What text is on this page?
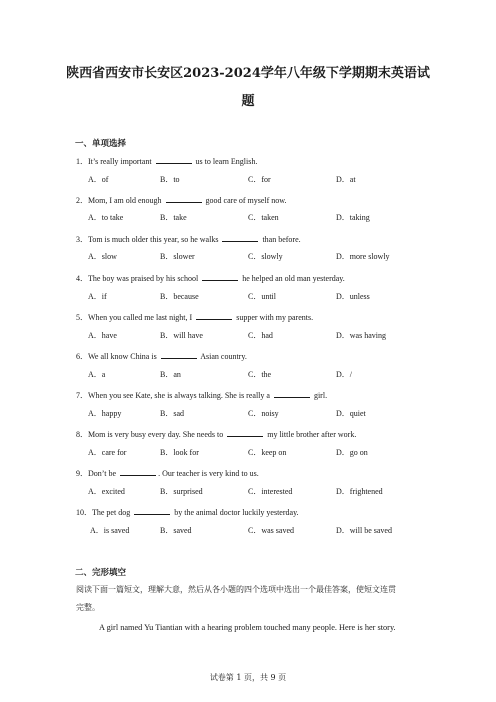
陕西省西安市长安区2023-2024学年八年级下学期期末英语试
题
一、单项选择
1．It’s really important	us to learn English.
A．of	B．to	C．for	D．at
2．Mom, I am old enough	good care of myself now.
A．to take	B．take	C．taken	D．taking
3．Tom is much older this year, so he walks	than before.
A．slow	B．slower	C．slowly	D．more slowly
4．The boy was praised by his school	he helped an old man yesterday.
A．if	B．because	C．until	D．unless
5．When you called me last night, I	supper with my parents.
A．have	B．will have	C．had	D．was having
6．We all know China is	Asian country.
A．a	B．an	C．the	D．/
7．When you see Kate, she is always talking. She is really a	girl.
A．happy	B．sad	C．noisy	D．quiet
8．Mom is very busy every day. She needs to	my little brother after work.
A．care for	B．look for	C．keep on	D．go on
9．Don’t be	. Our teacher is very kind to us.
A．excited	B．surprised	C．interested	D．frightened
10．The pet dog	by the animal doctor luckily yesterday.
A．is saved	B．saved	C．was saved	D．will be saved
二、完形填空
阅读下面一篇短文，理解大意，然后从各小题的四个选项中选出一个最佳答案，使短文连贯
完整。
A girl named Yu Tiantian with a hearing problem touched many people. Here is her story.
试卷第 1 页，共 9 页
